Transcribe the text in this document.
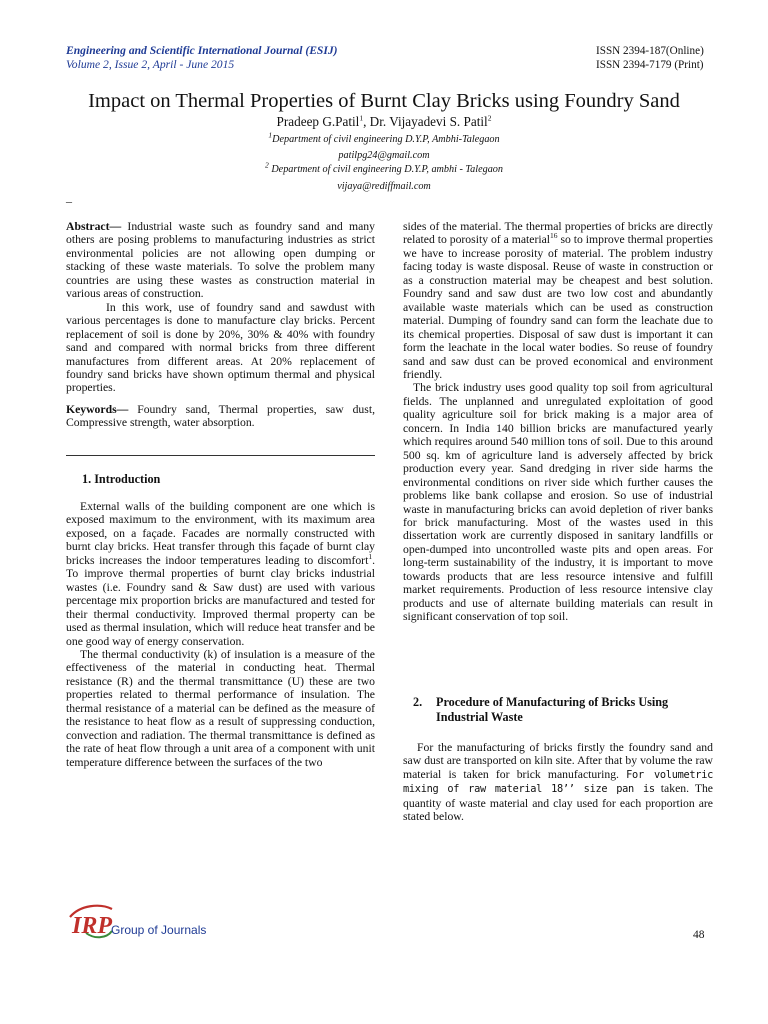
Engineering and Scientific International Journal (ESIJ)
Volume 2, Issue 2, April - June 2015
ISSN 2394-187(Online)
ISSN 2394-7179 (Print)
Impact on Thermal Properties of Burnt Clay Bricks using Foundry Sand
Pradeep G.Patil$^1$, Dr. Vijayadevi S. Patil$^2$
$^1$Department of civil engineering D.Y.P, Ambhi-Talegaon
patilpg24@gmail.com
$^2$ Department of civil engineering D.Y.P, ambhi - Talegaon
vijaya@rediffmail.com
_

Abstract— Industrial waste such as foundry sand and many others are posing problems to manufacturing industries as strict environmental policies are not allowing open dumping or stacking of these waste materials. To solve the problem many countries are using these wastes as construction material in various areas of construction.

In this work, use of foundry sand and sawdust with various percentages is done to manufacture clay bricks. Percent replacement of soil is done by 20%, 30% & 40% with foundry sand and compared with normal bricks from three different manufactures from different areas. At 20% replacement of foundry sand bricks have shown optimum thermal and physical properties.

Keywords— Foundry sand, Thermal properties, saw dust, Compressive strength, water absorption.

1. Introduction

External walls of the building component are one which is exposed maximum to the environment, with its maximum area exposed, on a façade. Facades are normally constructed with burnt clay bricks. Heat transfer through this façade of burnt clay bricks increases the indoor temperatures leading to discomfort$^1$. To improve thermal properties of burnt clay bricks industrial wastes (i.e. Foundry sand & Saw dust) are used with various percentage mix proportion bricks are manufactured and tested for their thermal conductivity. Improved thermal property can be used as thermal insulation, which will reduce heat transfer and be one good way of energy conservation.

The thermal conductivity (k) of insulation is a measure of the effectiveness of the material in conducting heat. Thermal resistance (R) and the thermal transmittance (U) these are two properties related to thermal performance of insulation. The thermal resistance of a material can be defined as the measure of the resistance to heat flow as a result of suppressing conduction, convection and radiation. The thermal transmittance is defined as the rate of heat flow through a unit area of a component with unit temperature difference between the surfaces of the two

sides of the material. The thermal properties of bricks are directly related to porosity of a material$^{16}$ so to improve thermal properties we have to increase porosity of material. The problem industry facing today is waste disposal. Reuse of waste in construction or as a construction material may be cheapest and best solution. Foundry sand and saw dust are two low cost and abundantly available waste materials which can be used as construction material. Dumping of foundry sand can form the leachate due to its chemical properties. Disposal of saw dust is important it can form the leachate in the local water bodies. So reuse of foundry sand and saw dust can be proved economical and environment friendly.

The brick industry uses good quality top soil from agricultural fields. The unplanned and unregulated exploitation of good quality agriculture soil for brick making is a major area of concern. In India 140 billion bricks are manufactured yearly which requires around 540 million tons of soil. Due to this around 500 sq. km of agriculture land is adversely affected by brick production every year. Sand dredging in river side harms the environmental conditions on river side which further causes the problems like bank collapse and erosion. So use of industrial waste in manufacturing bricks can avoid depletion of river banks for brick manufacturing. Most of the wastes used in this dissertation work are currently disposed in sanitary landfills or open-dumped into uncontrolled waste pits and open areas. For long-term sustainability of the industry, it is important to move towards products that are less resource intensive and fulfill market requirements. Production of less resource intensive clay products and use of alternate building materials can result in significant conservation of top soil.

2. Procedure of Manufacturing of Bricks Using Industrial Waste

For the manufacturing of bricks firstly the foundry sand and saw dust are transported on kiln site. After that by volume the raw material is taken for brick manufacturing. For volumetric mixing of raw material 18’’ size pan is taken. The quantity of waste material and clay used for each proportion are stated below.

IRP
Group of Journals	48
